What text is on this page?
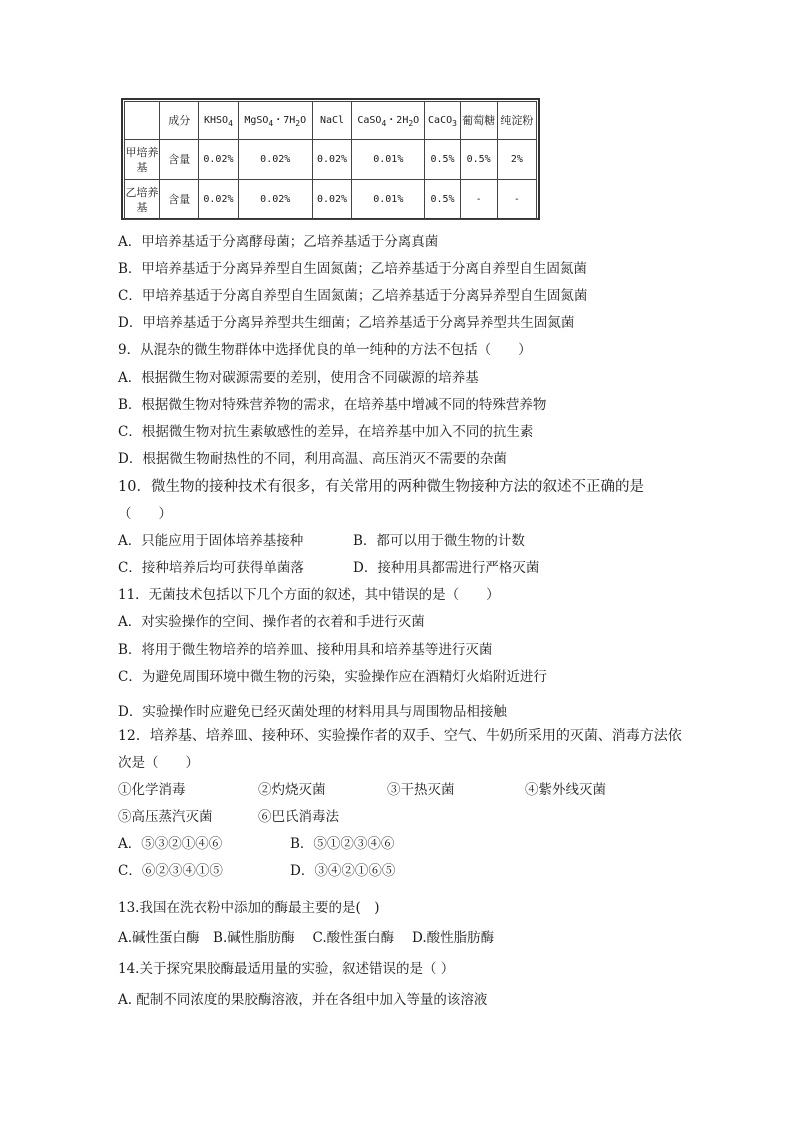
	成分	$KHSO_4$	MgSO$_4$・$7H_2O$	NaCl	CaSO$_4$・$2H_2O$	CaCO$_3$	葡萄糖	纯淀粉
甲培养基	含量	0.02%	0.02%	0.02%	0.01%	0.5%	0.5%	2%
乙培养基	含量	0.02%	0.02%	0.02%	0.01%	0.5%	-	-
A．甲培养基适于分离酵母菌；乙培养基适于分离真菌
B．甲培养基适于分离异养型自生固氮菌；乙培养基适于分离自养型自生固氮菌
C．甲培养基适于分离自养型自生固氮菌；乙培养基适于分离异养型自生固氮菌
D．甲培养基适于分离异养型共生细菌；乙培养基适于分离异养型共生固氮菌
9．从混杂的微生物群体中选择优良的单一纯种的方法不包括（　　）
A．根据微生物对碳源需要的差别，使用含不同碳源的培养基
B．根据微生物对特殊营养物的需求，在培养基中增减不同的特殊营养物
C．根据微生物对抗生素敏感性的差异，在培养基中加入不同的抗生素
D．根据微生物耐热性的不同，利用高温、高压消灭不需要的杂菌
10．微生物的接种技术有很多，有关常用的两种微生物接种方法的叙述不正确的是
（　　）
A．只能应用于固体培养基接种	B．都可以用于微生物的计数
C．接种培养后均可获得单菌落	D．接种用具都需进行严格灭菌
11．无菌技术包括以下几个方面的叙述，其中错误的是（　　）
A．对实验操作的空间、操作者的衣着和手进行灭菌
B．将用于微生物培养的培养皿、接种用具和培养基等进行灭菌
C．为避免周围环境中微生物的污染，实验操作应在酒精灯火焰附近进行
D．实验操作时应避免已经灭菌处理的材料用具与周围物品相接触
12．培养基、培养皿、接种环、实验操作者的双手、空气、牛奶所采用的灭菌、消毒方法依
次是（　　）
①化学消毒	②灼烧灭菌	③干热灭菌	④紫外线灭菌
⑤高压蒸汽灭菌	⑥巴氏消毒法
A．⑤③②①④⑥	B．⑤①②③④⑥
C．⑥②③④①⑤	D．③④②①⑥⑤
13.我国在洗衣粉中添加的酶最主要的是(　)
A.碱性蛋白酶　B.碱性脂肪酶　 C.酸性蛋白酶　 D.酸性脂肪酶
14.关于探究果胶酶最适用量的实验，叙述错误的是（ ）
A. 配制不同浓度的果胶酶溶液，并在各组中加入等量的该溶液
